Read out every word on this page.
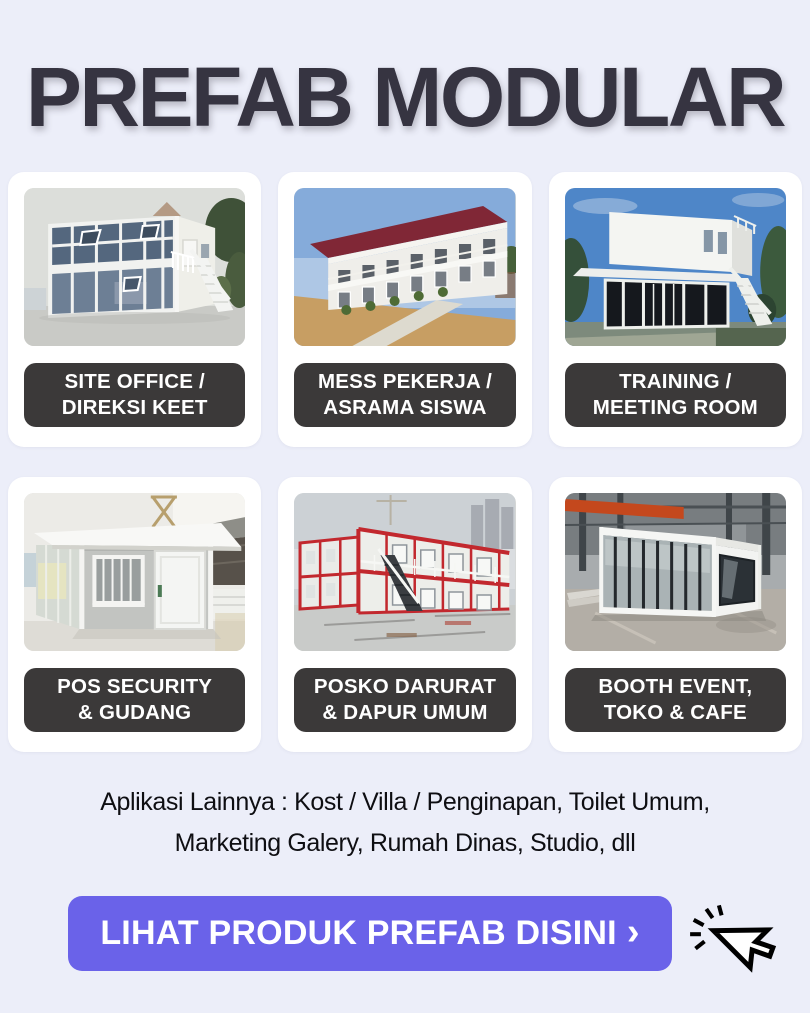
PREFAB MODULAR
SITE OFFICE /
DIREKSI KEET
MESS PEKERJA /
ASRAMA SISWA
TRAINING /
MEETING ROOM
POS SECURITY
& GUDANG
POSKO DARURAT
& DAPUR UMUM
BOOTH EVENT,
TOKO & CAFE

Aplikasi Lainnya : Kost / Villa / Penginapan, Toilet Umum,
Marketing Galery, Rumah Dinas, Studio, dll

LIHAT PRODUK PREFAB DISINI ›
